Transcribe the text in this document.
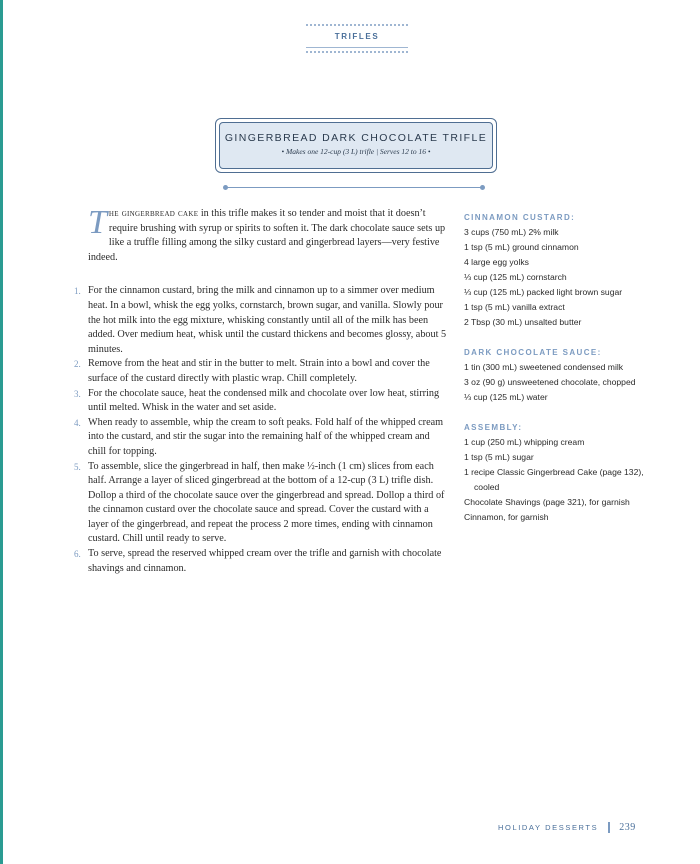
TRIFLES
GINGERBREAD DARK CHOCOLATE TRIFLE
• Makes one 12-cup (3 L) trifle | Serves 12 to 16 •
The gingerbread cake in this trifle makes it so tender and moist that it doesn’t require brushing with syrup or spirits to soften it. The dark chocolate sauce sets up like a truffle filling among the silky custard and gingerbread layers—very festive indeed.
1. For the cinnamon custard, bring the milk and cinnamon up to a simmer over medium heat. In a bowl, whisk the egg yolks, cornstarch, brown sugar, and vanilla. Slowly pour the hot milk into the egg mixture, whisking constantly until all of the milk has been added. Over medium heat, whisk until the custard thickens and becomes glossy, about 5 minutes.
2. Remove from the heat and stir in the butter to melt. Strain into a bowl and cover the surface of the custard directly with plastic wrap. Chill completely.
3. For the chocolate sauce, heat the condensed milk and chocolate over low heat, stirring until melted. Whisk in the water and set aside.
4. When ready to assemble, whip the cream to soft peaks. Fold half of the whipped cream into the custard, and stir the sugar into the remaining half of the whipped cream and chill for topping.
5. To assemble, slice the gingerbread in half, then make ½-inch (1 cm) slices from each half. Arrange a layer of sliced gingerbread at the bottom of a 12-cup (3 L) trifle dish. Dollop a third of the chocolate sauce over the gingerbread and spread. Dollop a third of the cinnamon custard over the chocolate sauce and spread. Cover the custard with a layer of the gingerbread, and repeat the process 2 more times, ending with cinnamon custard. Chill until ready to serve.
6. To serve, spread the reserved whipped cream over the trifle and garnish with chocolate shavings and cinnamon.
CINNAMON CUSTARD:
3 cups (750 mL) 2% milk
1 tsp (5 mL) ground cinnamon
4 large egg yolks
⅓ cup (125 mL) cornstarch
⅓ cup (125 mL) packed light brown sugar
1 tsp (5 mL) vanilla extract
2 Tbsp (30 mL) unsalted butter
DARK CHOCOLATE SAUCE:
1 tin (300 mL) sweetened condensed milk
3 oz (90 g) unsweetened chocolate, chopped
⅓ cup (125 mL) water
ASSEMBLY:
1 cup (250 mL) whipping cream
1 tsp (5 mL) sugar
1 recipe Classic Gingerbread Cake (page 132), cooled
Chocolate Shavings (page 321), for garnish
Cinnamon, for garnish
HOLIDAY DESSERTS 239
